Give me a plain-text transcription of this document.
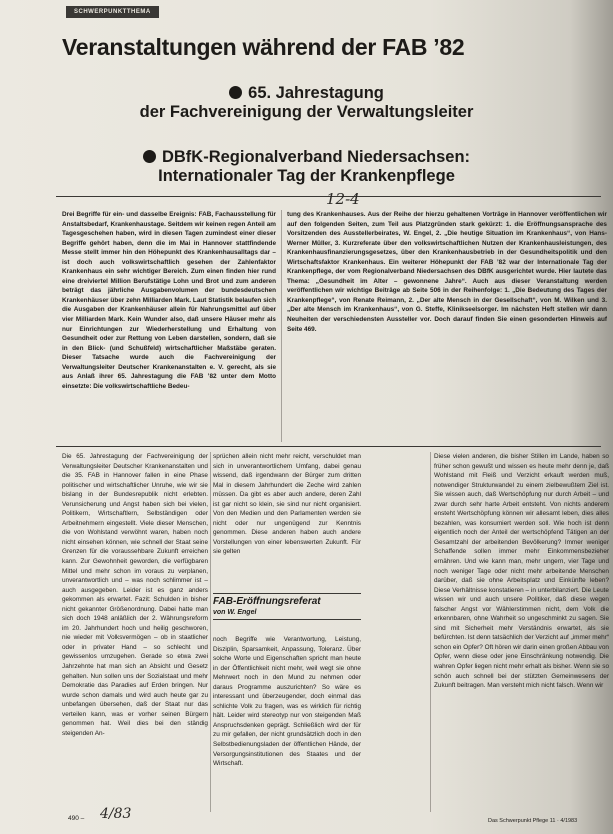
SCHWERPUNKTTHEMA
Veranstaltungen während der FAB ’82
65. Jahrestagung
der Fachvereinigung der Verwaltungsleiter
DBfK-Regionalverband Niedersachsen:
Internationaler Tag der Krankenpflege
12-4

Drei Begriffe für ein- und dasselbe Ereignis: FAB, Fachausstellung für Anstaltsbedarf, Krankenhaustage. Seitdem wir keinen regen Anteil am Tagesgeschehen haben, wird in diesen Tagen zumindest einer dieser Begriffe gehört haben, denn die im Mai in Hannover stattfindende Messe stellt immer hin den Höhepunkt des Krankenhausalltags dar – ist doch auch volkswirtschaftlich gesehen der Zahlenfaktor Krankenhaus ein sehr wichtiger Bereich. Zum einen finden hier rund eine dreiviertel Million Berufstätige Lohn und Brot und zum anderen beträgt das jährliche Ausgabenvolumen der bundesdeutschen Krankenhäuser über zehn Milliarden Mark. Laut Statistik belaufen sich die Ausgaben der Krankenhäuser allein für Nahrungsmittel auf über vier Milliarden Mark. Kein Wunder also, daß unsere Häuser mehr als nur Einrichtungen zur Wiederherstellung und Erhaltung von Gesundheit oder zur Rettung von Leben darstellen, sondern, daß sie in den Blick- (und Schußfeld) wirtschaftlicher Maßstäbe geraten. Dieser Tatsache wurde auch die Fachvereinigung der Verwaltungsleiter Deutscher Krankenanstalten e. V. gerecht, als sie aus Anlaß ihrer 65. Jahrestagung die FAB ’82 unter dem Motto einsetzte: Die volkswirtschaftliche Bedeu-

tung des Krankenhauses. Aus der Reihe der hierzu gehaltenen Vorträge in Hannover veröffentlichen wir auf den folgenden Seiten, zum Teil aus Platzgründen stark gekürzt: 1. die Eröffnungsansprache des Vorsitzenden des Ausstellerbeirates, W. Engel, 2. „Die heutige Situation im Krankenhaus“, von Hans-Werner Müller, 3. Kurzreferate über den volkswirtschaftlichen Nutzen der Krankenhausleistungen, des Krankenhausfinanzierungsgesetzes, über den Krankenhausbetrieb in der Gesundheitspolitik und den Wirtschaftsfaktor Krankenhaus. Ein weiterer Höhepunkt der FAB ’82 war der Internationale Tag der Krankenpflege, der vom Regionalverband Niedersachsen des DBfK ausgerichtet wurde. Hier lautete das Thema: „Gesundheit im Alter – gewonnene Jahre“. Auch aus dieser Veranstaltung werden veröffentlichen wir wichtige Beiträge ab Seite 506 in der Reihenfolge: 1. „Die Bedeutung des Tages der Krankenpflege“, von Renate Reimann, 2. „Der alte Mensch in der Gesellschaft“, von M. Wilken und 3. „Der alte Mensch im Krankenhaus“, von G. Steffe, Klinikseelsorger. Im nächsten Heft stellen wir dann Neuheiten der verschiedensten Aussteller vor. Doch darauf finden Sie einen gesonderten Hinweis auf Seite 469.

Die 65. Jahrestagung der Fachvereinigung der Verwaltungsleiter Deutscher Krankenanstalten und die 35. FAB in Hannover fallen in eine Phase politischer und wirtschaftlicher Unruhe, wie wir sie bislang in der Bundesrepublik nicht erlebten. Verunsicherung und Angst haben sich bei vielen, Politikern, Wirtschaftlern, Selbständigen oder Arbeitnehmern eingestellt. Viele dieser Menschen, die von Wohlstand verwöhnt waren, haben noch nicht einsehen können, wie schnell der Staat seine Grenzen für die voraussehbare Zukunft erreichen kann. Zur Gewohnheit geworden, die verfügbaren Mittel und mehr schon im voraus zu verplanen, unverantwortlich und – was noch schlimmer ist – auch ausgegeben. Leider ist es ganz anders gekommen als erwartet. Fazit: Schulden in bisher nicht gekannter Größenordnung. Dabei hatte man sich doch 1948 anläßlich der 2. Währungsreform im 20. Jahrhundert hoch und heilig geschworen, nie wieder mit Volksvermögen – ob in staatlicher oder in privater Hand – so schlecht und gewissenlos umzugehen. Gerade so etwa zwei Jahrzehnte hat man sich an Absicht und Gesetz gehalten. Nun sollen uns der Sozialstaat und mehr Demokratie das Paradies auf Erden bringen. Nur wurde schon damals und wird auch heute gar zu unbefangen übersehen, daß der Staat nur das verteilen kann, was er vorher seinen Bürgern genommen hat. Weil dies bei den ständig steigenden An-

sprüchen allein nicht mehr reicht, verschuldet man sich in unverantwortlichem Umfang, dabei genau wissend, daß irgendwann der Bürger zum dritten Mal in diesem Jahrhundert die Zeche wird zahlen müssen. Da gibt es aber auch andere, deren Zahl ist gar nicht so klein, sie sind nur nicht organisiert. Von den Medien und den Parlamenten werden sie nicht oder nur ungenügend zur Kenntnis genommen. Diese anderen haben auch andere Vorstellungen von einer lebenswerten Zukunft. Für sie gelten

FAB-Eröffnungsreferat
von W. Engel

noch Begriffe wie Verantwortung, Leistung, Disziplin, Sparsamkeit, Anpassung, Toleranz. Über solche Worte und Eigenschaften spricht man heute in der Öffentlichkeit nicht mehr, weil wegt sie ohne Mehrwert noch in den Mund zu nehmen oder daraus Programme auszurichten? So wäre es interessant und überzeugender, doch einmal das schlichte Volk zu fragen, was es wirklich für richtig hält. Leider wird stereotyp nur von steigenden Maß Anspruchsdenken geprägt. Schließlich wird der für zu mir gefallen, der nicht grundsätzlich doch in den Selbstbedienungsladen der öffentlichen Hände, der Versorgungsinstitutionen des Staates und der Wirtschaft.

Diese vielen anderen, die bisher Stillen im Lande, haben so früher schon gewußt und wissen es heute mehr denn je, daß Wohlstand mit Fleiß und Verzicht erkauft werden muß, notwendiger Strukturwandel zu einem zielbewußtem Ziel ist. Sie wissen auch, daß Wertschöpfung nur durch Arbeit – und zwar durch sehr harte Arbeit entsteht. Von nichts anderem ensteht Wertschöpfung können wir allesamt leben, dies alles bezahlen, was konsumiert werden soll. Wie hoch ist denn eigentlich noch der Anteil der wertschöpfend Tätigen an der Gesamtzahl der arbeitenden Bevölkerung? Immer weniger Schaffende sollen immer mehr Einkommensbezieher ernähren. Und wie kann man, mehr ungern, vier Tage und noch weniger Tage oder nicht mehr arbeitende Menschen darüber, daß sie ohne Arbeitsplatz und Einkünfte leben? Diese Verhältnisse konstatieren – in unterbilanziert. Die Leute wissen wir und auch unsere Politiker, daß diese wegen falscher Angst vor Wählerstimmen nicht, dem Volk die erkennbaren, ohne Wahrheit so ungeschminkt zu sagen. Sie sind mit Sicherheit mehr Verständnis erwartet, als sie befürchten. Ist denn tatsächlich der Verzicht auf „immer mehr“ schon ein Opfer? Oft hören wir darin einen großen Abbau von Opfer, wenn diese oder jene Einschränkung notwendig. Die wahren Opfer liegen nicht mehr erhalt als bisher. Wenn sie so schön auch schnell bei der stützten Gemeinwesens der Zukunft beitragen. Man versteht mich nicht falsch. Wenn wir

490 – 4/83	Das Schwerpunkt Pflege 11 · 4/1983
